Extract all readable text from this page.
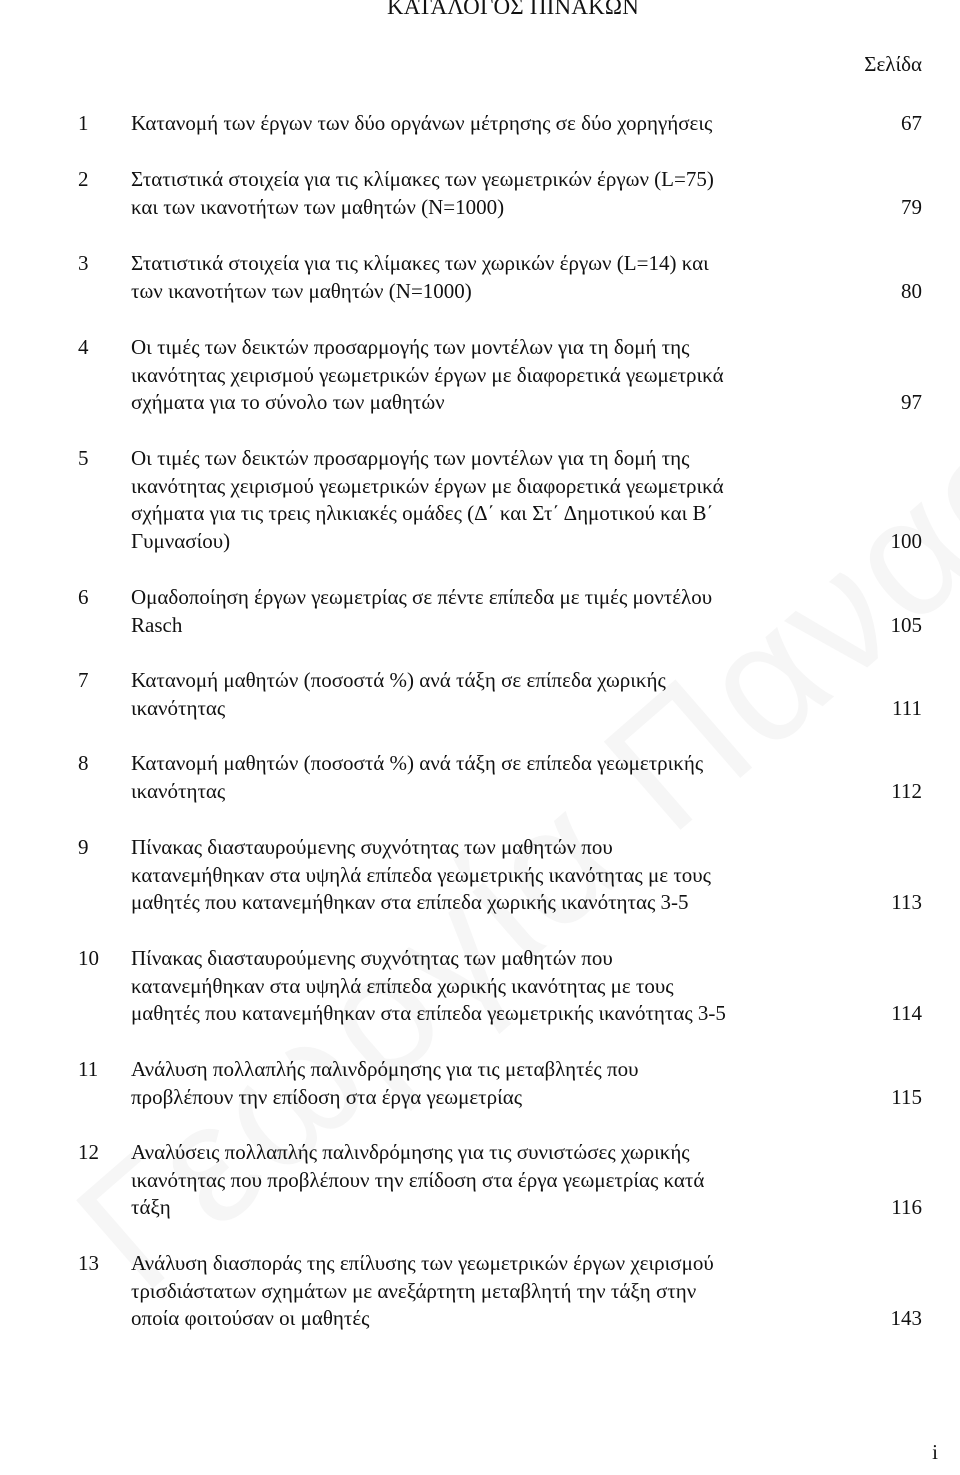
ΚΑΤΑΛΟΓΟΣ ΠΙΝΑΚΩΝ
Σελίδα
1 Κατανομή των έργων των δύο οργάνων μέτρησης σε δύο χορηγήσεις	67
2 Στατιστικά στοιχεία για τις κλίμακες των γεωμετρικών έργων (L=75)
και των ικανοτήτων των μαθητών (N=1000)	79
3 Στατιστικά στοιχεία για τις κλίμακες των χωρικών έργων (L=14) και
των ικανοτήτων των μαθητών (N=1000)	80
4 Οι τιμές των δεικτών προσαρμογής των μοντέλων για τη δομή της
ικανότητας χειρισμού γεωμετρικών έργων με διαφορετικά γεωμετρικά
σχήματα για το σύνολο των μαθητών	97
5 Οι τιμές των δεικτών προσαρμογής των μοντέλων για τη δομή της
ικανότητας χειρισμού γεωμετρικών έργων με διαφορετικά γεωμετρικά
σχήματα για τις τρεις ηλικιακές ομάδες (Δ΄ και Στ΄ Δημοτικού και Β΄
Γυμνασίου)	100
6 Ομαδοποίηση έργων γεωμετρίας σε πέντε επίπεδα με τιμές μοντέλου
Rasch	105
7 Κατανομή μαθητών (ποσοστά %) ανά τάξη σε επίπεδα χωρικής
ικανότητας	111
8 Κατανομή μαθητών (ποσοστά %) ανά τάξη σε επίπεδα γεωμετρικής
ικανότητας	112
9 Πίνακας διασταυρούμενης συχνότητας των μαθητών που
κατανεμήθηκαν στα υψηλά επίπεδα γεωμετρικής ικανότητας με τους
μαθητές που κατανεμήθηκαν στα επίπεδα χωρικής ικανότητας 3-5	113
10 Πίνακας διασταυρούμενης συχνότητας των μαθητών που
κατανεμήθηκαν στα υψηλά επίπεδα χωρικής ικανότητας με τους
μαθητές που κατανεμήθηκαν στα επίπεδα γεωμετρικής ικανότητας 3-5	114
11 Ανάλυση πολλαπλής παλινδρόμησης για τις μεταβλητές που
προβλέπουν την επίδοση στα έργα γεωμετρίας	115
12 Αναλύσεις πολλαπλής παλινδρόμησης για τις συνιστώσες χωρικής
ικανότητας που προβλέπουν την επίδοση στα έργα γεωμετρίας κατά
τάξη	116
13 Ανάλυση διασποράς της επίλυσης των γεωμετρικών έργων χειρισμού
τρισδιάστατων σχημάτων με ανεξάρτητη μεταβλητή την τάξη στην
οποία φοιτούσαν οι μαθητές	143
i
